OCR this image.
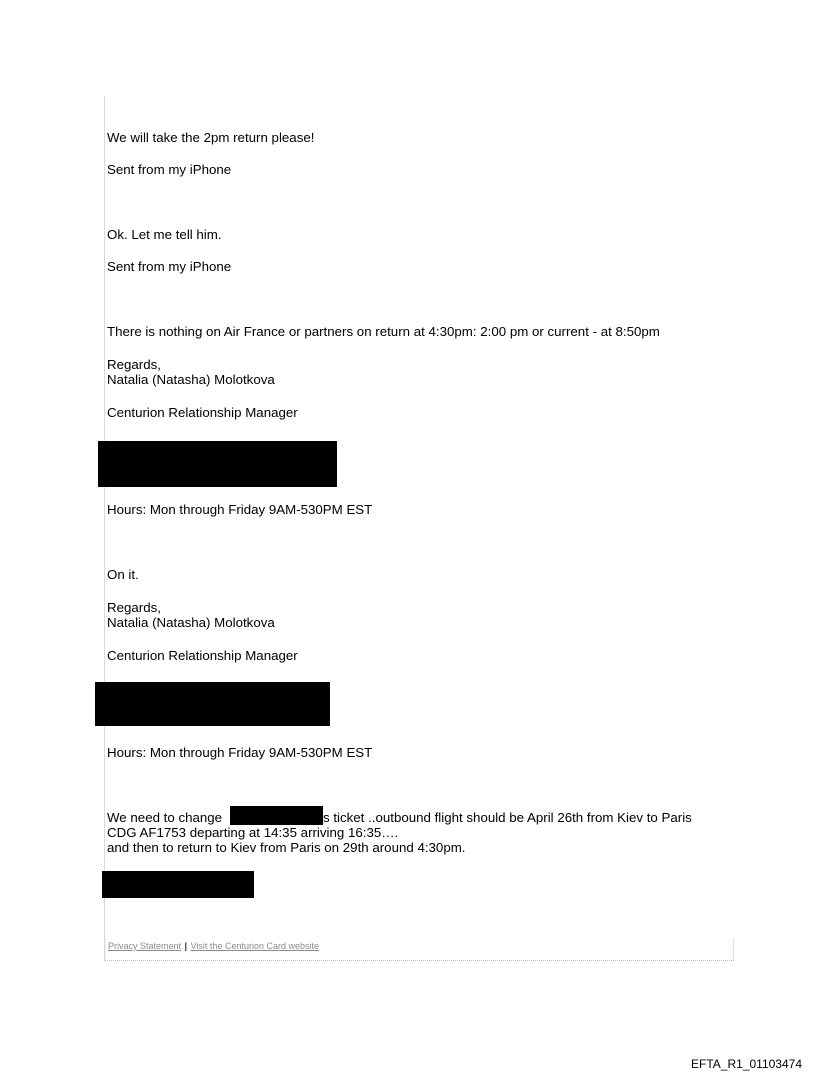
We will take the 2pm return please!
Sent from my iPhone
Ok. Let me tell him.
Sent from my iPhone
There is nothing on Air France or partners on return at 4:30pm: 2:00 pm or current - at 8:50pm
Regards,
Natalia (Natasha) Molotkova
Centurion Relationship Manager
Hours: Mon through Friday 9AM-530PM EST
On it.
Regards,
Natalia (Natasha) Molotkova
Centurion Relationship Manager
Hours: Mon through Friday 9AM-530PM EST
We need to change	s ticket ..outbound flight should be April 26th from Kiev to Paris
CDG AF1753 departing at 14:35 arriving 16:35….
and then to return to Kiev from Paris on 29th around 4:30pm.
Privacy Statement | Visit the Centurion Card website
EFTA_R1_01103474
